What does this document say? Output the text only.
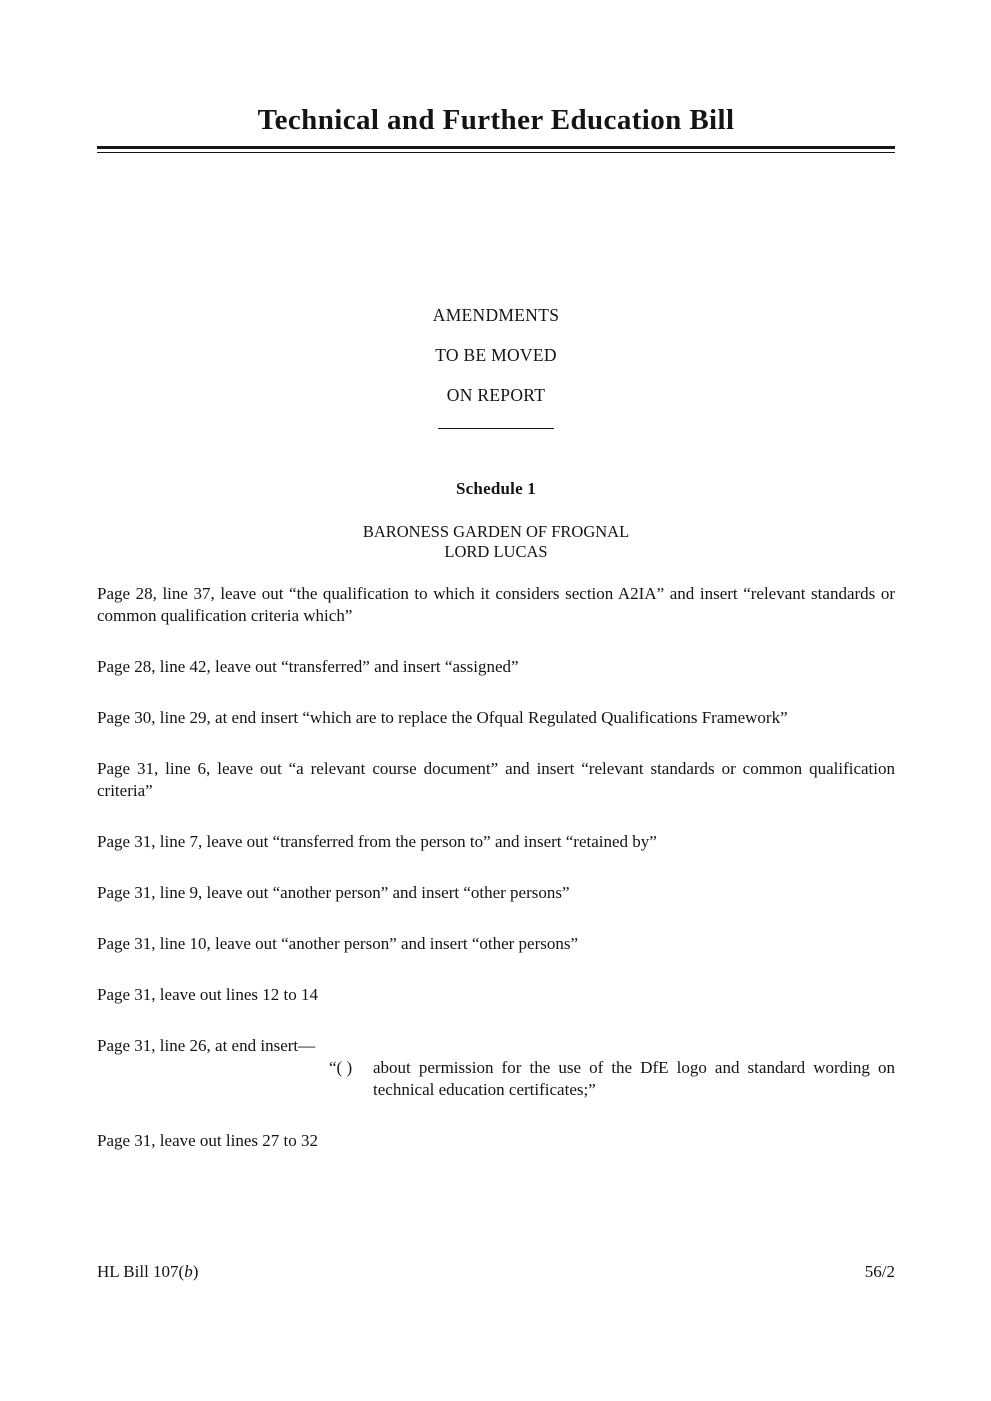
Technical and Further Education Bill
AMENDMENTS
TO BE MOVED
ON REPORT
Schedule 1
BARONESS GARDEN OF FROGNAL
LORD LUCAS
Page 28, line 37, leave out “the qualification to which it considers section A2IA” and insert “relevant standards or common qualification criteria which”
Page 28, line 42, leave out “transferred” and insert “assigned”
Page 30, line 29, at end insert “which are to replace the Ofqual Regulated Qualifications Framework”
Page 31, line 6, leave out “a relevant course document” and insert “relevant standards or common qualification criteria”
Page 31, line 7, leave out “transferred from the person to” and insert “retained by”
Page 31, line 9, leave out “another person” and insert “other persons”
Page 31, line 10, leave out “another person” and insert “other persons”
Page 31, leave out lines 12 to 14
Page 31, line 26, at end insert—
“( )	about permission for the use of the DfE logo and standard wording on technical education certificates;”
Page 31, leave out lines 27 to 32
HL Bill 107(b)	56/2
